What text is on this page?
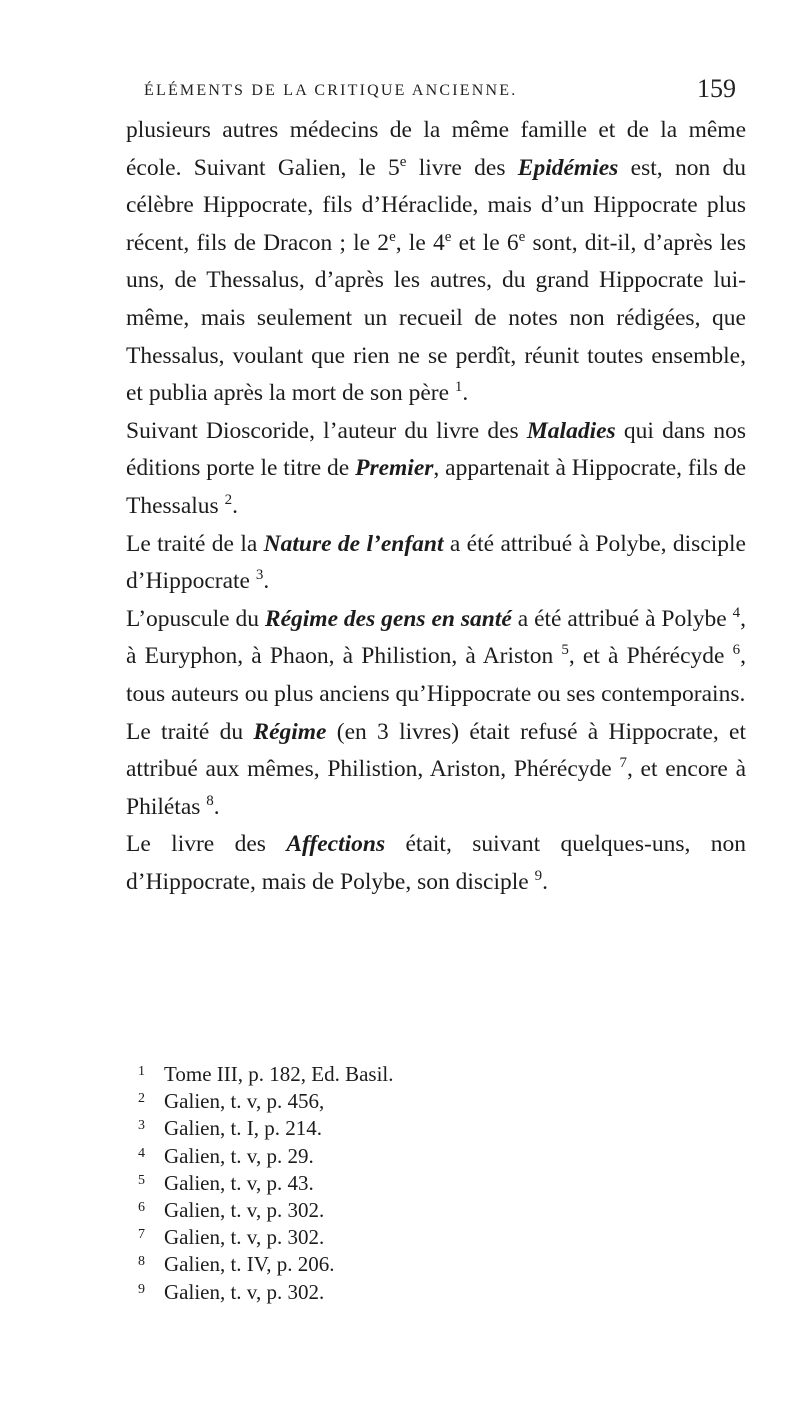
ÉLÉMENTS DE LA CRITIQUE ANCIENNE.	159

plusieurs autres médecins de la même famille et de la même école. Suivant Galien, le 5e livre des Epidémies est, non du célèbre Hippocrate, fils d’Héraclide, mais d’un Hippocrate plus récent, fils de Dracon ; le 2e, le 4e et le 6e sont, dit-il, d’après les uns, de Thessalus, d’après les autres, du grand Hippocrate lui-même, mais seulement un recueil de notes non rédigées, que Thessalus, voulant que rien ne se perdît, réunit toutes ensemble, et publia après la mort de son père $^1$.

Suivant Dioscoride, l’auteur du livre des Maladies qui dans nos éditions porte le titre de Premier, appartenait à Hippocrate, fils de Thessalus $^2$.

Le traité de la Nature de l’enfant a été attribué à Polybe, disciple d’Hippocrate $^3$.

L’opuscule du Régime des gens en santé a été attribué à Polybe $^4$, à Euryphon, à Phaon, à Philistion, à Ariston $^5$, et à Phérécyde $^6$, tous auteurs ou plus anciens qu’Hippocrate ou ses contemporains.

Le traité du Régime (en 3 livres) était refusé à Hippocrate, et attribué aux mêmes, Philistion, Ariston, Phérécyde $^7$, et encore à Philétas $^8$.

Le livre des Affections était, suivant quelques-uns, non d’Hippocrate, mais de Polybe, son disciple $^9$.

1 Tome III, p. 182, Ed. Basil.
2 Galien, t. v, p. 456,
3 Galien, t. I, p. 214.
4 Galien, t. v, p. 29.
5 Galien, t. v, p. 43.
6 Galien, t. v, p. 302.
7 Galien, t. v, p. 302.
8 Galien, t. IV, p. 206.
9 Galien, t. v, p. 302.
